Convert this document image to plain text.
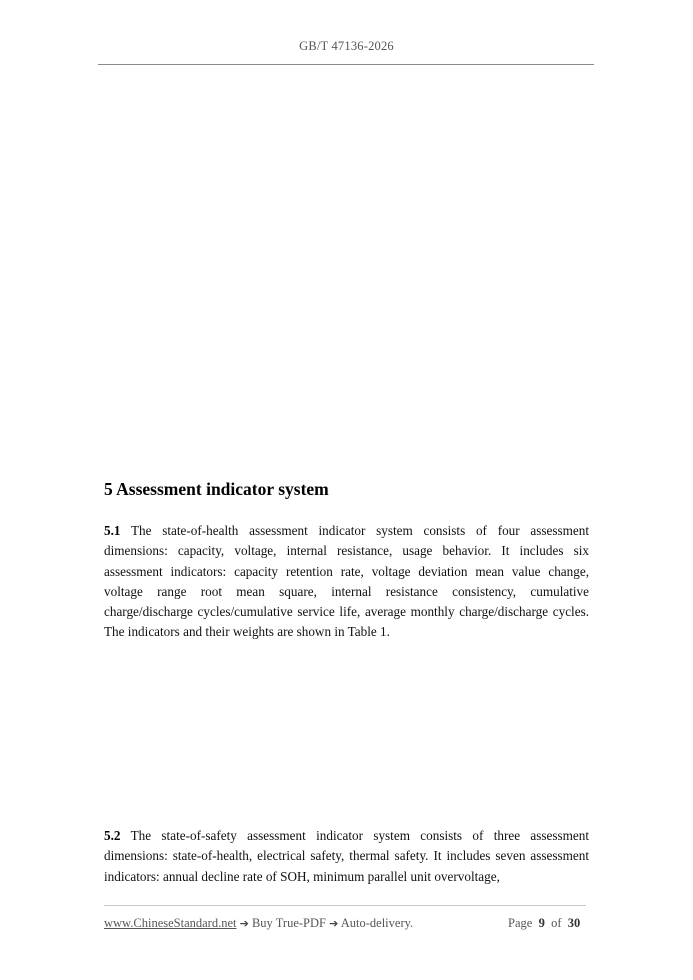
GB/T 47136-2026
5 Assessment indicator system

5.1 The state-of-health assessment indicator system consists of four assessment dimensions: capacity, voltage, internal resistance, usage behavior. It includes six assessment indicators: capacity retention rate, voltage deviation mean value change, voltage range root mean square, internal resistance consistency, cumulative charge/discharge cycles/cumulative service life, average monthly charge/discharge cycles. The indicators and their weights are shown in Table 1.

5.2 The state-of-safety assessment indicator system consists of three assessment dimensions: state-of-health, electrical safety, thermal safety. It includes seven assessment indicators: annual decline rate of SOH, minimum parallel unit overvoltage,

www.ChineseStandard.net ➔ Buy True-PDF ➔ Auto-delivery.	Page 9 of 30
